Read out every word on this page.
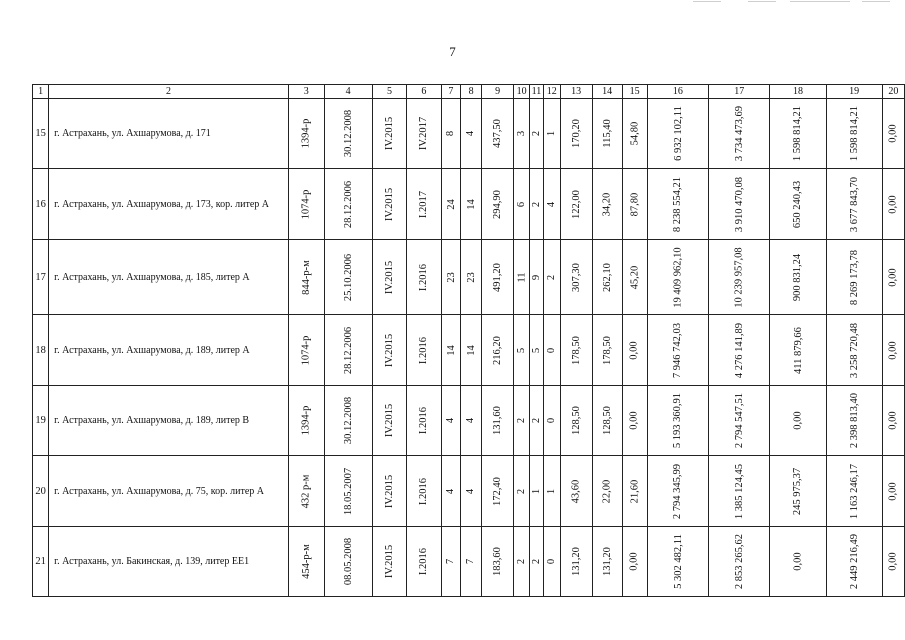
7
1	2	3	4	5	6	7	8	9	10	11	12	13	14	15	16	17	18	19	20
15	г. Астрахань, ул. Ахшарумова, д. 171	1394-р	30.12.2008	IV.2015	IV.2017	8	4	437,50	3	2	1	170,20	115,40	54,80	6 932 102,11	3 734 473,69	1 598 814,21	1 598 814,21	0,00
16	г. Астрахань, ул. Ахшарумова, д. 173, кор. литер А	1074-р	28.12.2006	IV.2015	I.2017	24	14	294,90	6	2	4	122,00	34,20	87,80	8 238 554,21	3 910 470,08	650 240,43	3 677 843,70	0,00
17	г. Астрахань, ул. Ахшарумова, д. 185, литер А	844-р-м	25.10.2006	IV.2015	I.2016	23	23	491,20	11	9	2	307,30	262,10	45,20	19 409 962,10	10 239 957,08	900 831,24	8 269 173,78	0,00
18	г. Астрахань, ул. Ахшарумова, д. 189, литер А	1074-р	28.12.2006	IV.2015	I.2016	14	14	216,20	5	5	0	178,50	178,50	0,00	7 946 742,03	4 276 141,89	411 879,66	3 258 720,48	0,00
19	г. Астрахань, ул. Ахшарумова, д. 189, литер В	1394-р	30.12.2008	IV.2015	I.2016	4	4	131,60	2	2	0	128,50	128,50	0,00	5 193 360,91	2 794 547,51	0,00	2 398 813,40	0,00
20	г. Астрахань, ул. Ахшарумова, д. 75, кор. литер А	432 р-м	18.05.2007	IV.2015	I.2016	4	4	172,40	2	1	1	43,60	22,00	21,60	2 794 345,99	1 385 124,45	245 975,37	1 163 246,17	0,00
21	г. Астрахань, ул. Бакинская, д. 139, литер ЕЕ1	454-р-м	08.05.2008	IV.2015	I.2016	7	7	183,60	2	2	0	131,20	131,20	0,00	5 302 482,11	2 853 265,62	0,00	2 449 216,49	0,00
